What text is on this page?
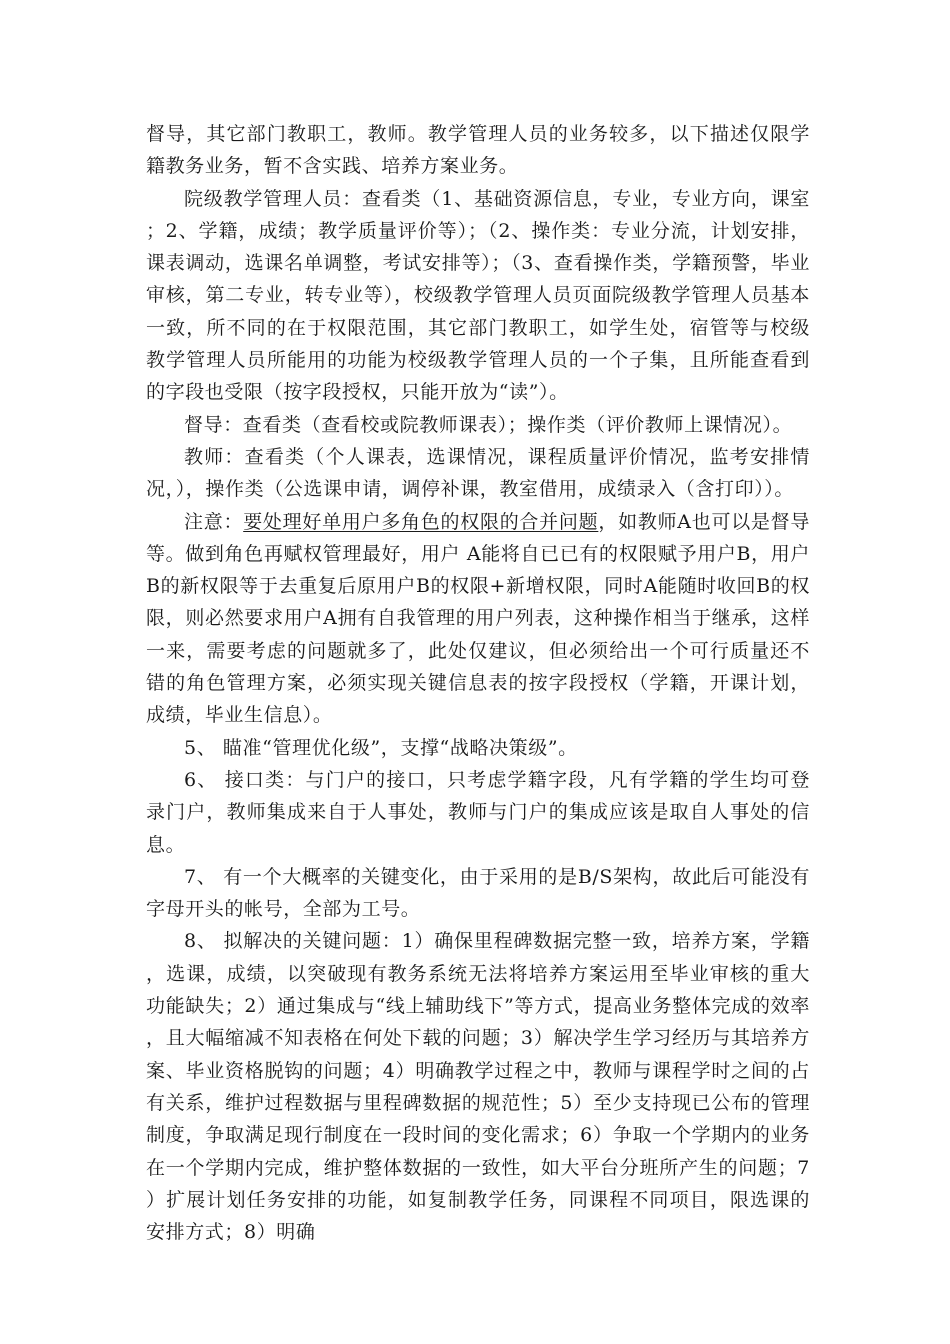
督导，其它部门教职工，教师。教学管理人员的业务较多，以下描述仅限学籍教务业务，暂不含实践、培养方案业务。

院级教学管理人员：查看类（1、基础资源信息，专业，专业方向，课室；2、学籍，成绩；教学质量评价等）；（2、操作类：专业分流，计划安排，课表调动，选课名单调整，考试安排等）；（3、查看操作类，学籍预警，毕业审核，第二专业，转专业等），校级教学管理人员页面院级教学管理人员基本一致，所不同的在于权限范围，其它部门教职工，如学生处，宿管等与校级教学管理人员所能用的功能为校级教学管理人员的一个子集，且所能查看到的字段也受限（按字段授权，只能开放为“读”）。

督导：查看类（查看校或院教师课表）；操作类（评价教师上课情况）。

教师：查看类（个人课表，选课情况，课程质量评价情况，监考安排情况，），操作类（公选课申请，调停补课，教室借用，成绩录入（含打印））。

注意：要处理好单用户多角色的权限的合并问题，如教师A也可以是督导等。做到角色再赋权管理最好，用户 A能将自已已有的权限赋予用户B，用户B的新权限等于去重复后原用户B的权限+新增权限，同时A能随时收回B的权限，则必然要求用户A拥有自我管理的用户列表，这种操作相当于继承，这样一来，需要考虑的问题就多了，此处仅建议，但必须给出一个可行质量还不错的角色管理方案，必须实现关键信息表的按字段授权（学籍，开课计划，成绩，毕业生信息）。

5、 瞄准“管理优化级”，支撑“战略决策级”。

6、 接口类：与门户的接口，只考虑学籍字段，凡有学籍的学生均可登录门户，教师集成来自于人事处，教师与门户的集成应该是取自人事处的信息。

7、 有一个大概率的关键变化，由于采用的是B/S架构，故此后可能没有字母开头的帐号，全部为工号。

8、 拟解决的关键问题：1）确保里程碑数据完整一致，培养方案，学籍，选课，成绩，以突破现有教务系统无法将培养方案运用至毕业审核的重大功能缺失；2）通过集成与“线上辅助线下”等方式，提高业务整体完成的效率，且大幅缩减不知表格在何处下载的问题；3）解决学生学习经历与其培养方案、毕业资格脱钩的问题；4）明确教学过程之中，教师与课程学时之间的占有关系，维护过程数据与里程碑数据的规范性；5）至少支持现已公布的管理制度，争取满足现行制度在一段时间的变化需求；6）争取一个学期内的业务在一个学期内完成，维护整体数据的一致性，如大平台分班所产生的问题；7）扩展计划任务安排的功能，如复制教学任务，同课程不同项目，限选课的安排方式；8）明确
